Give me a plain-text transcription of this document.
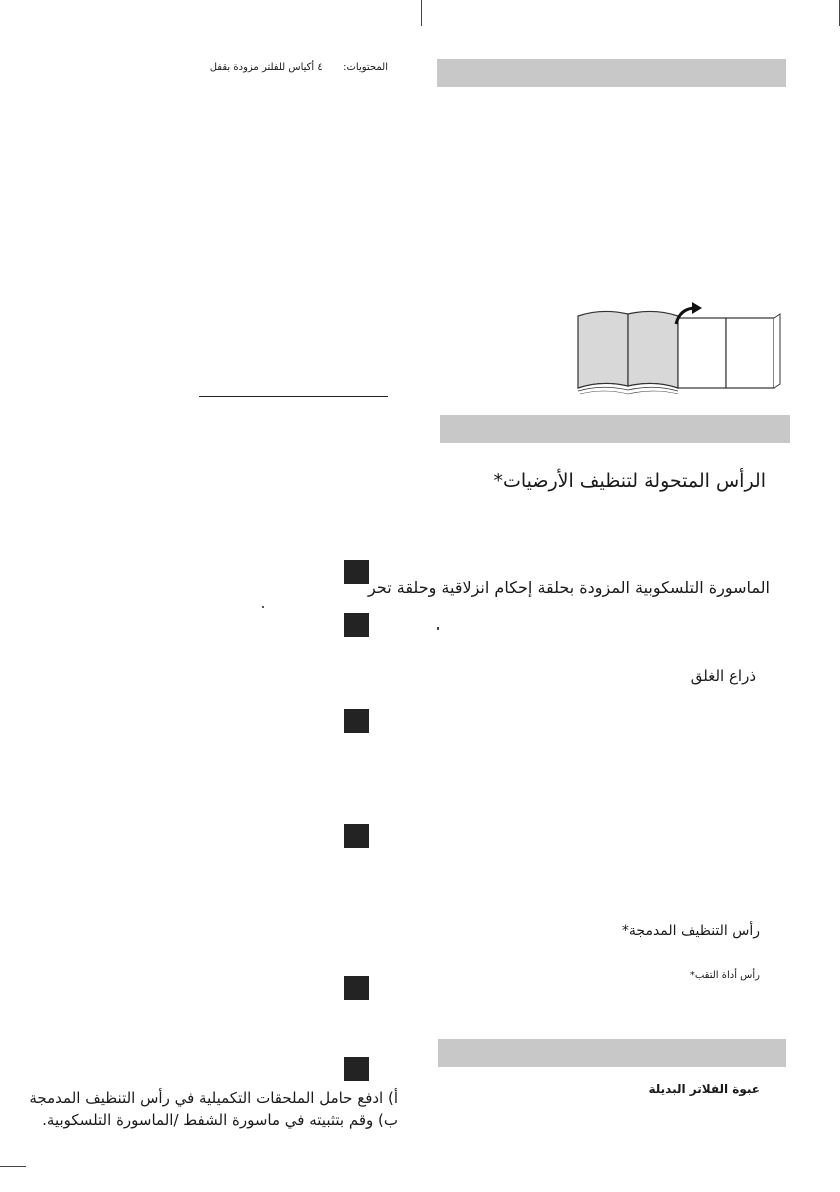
المحتويات:  ٤ أكياس للفلتر مزودة بقفل
أ) ادفع حامل الملحقات التكميلية في رأس التنظيف المدمجة
ب) وقم بتثبيته في ماسورة الشفط /الماسورة التلسكوبية.
الرأس المتحولة لتنظيف الأرضيات*
الماسورة التلسكوبية المزودة بحلقة إحكام انزلاقية وحلقة تحر
ذراع الغلق
رأس التنظيف المدمجة*
رأس أداة التقب*
عبوة الفلاتر البديلة
